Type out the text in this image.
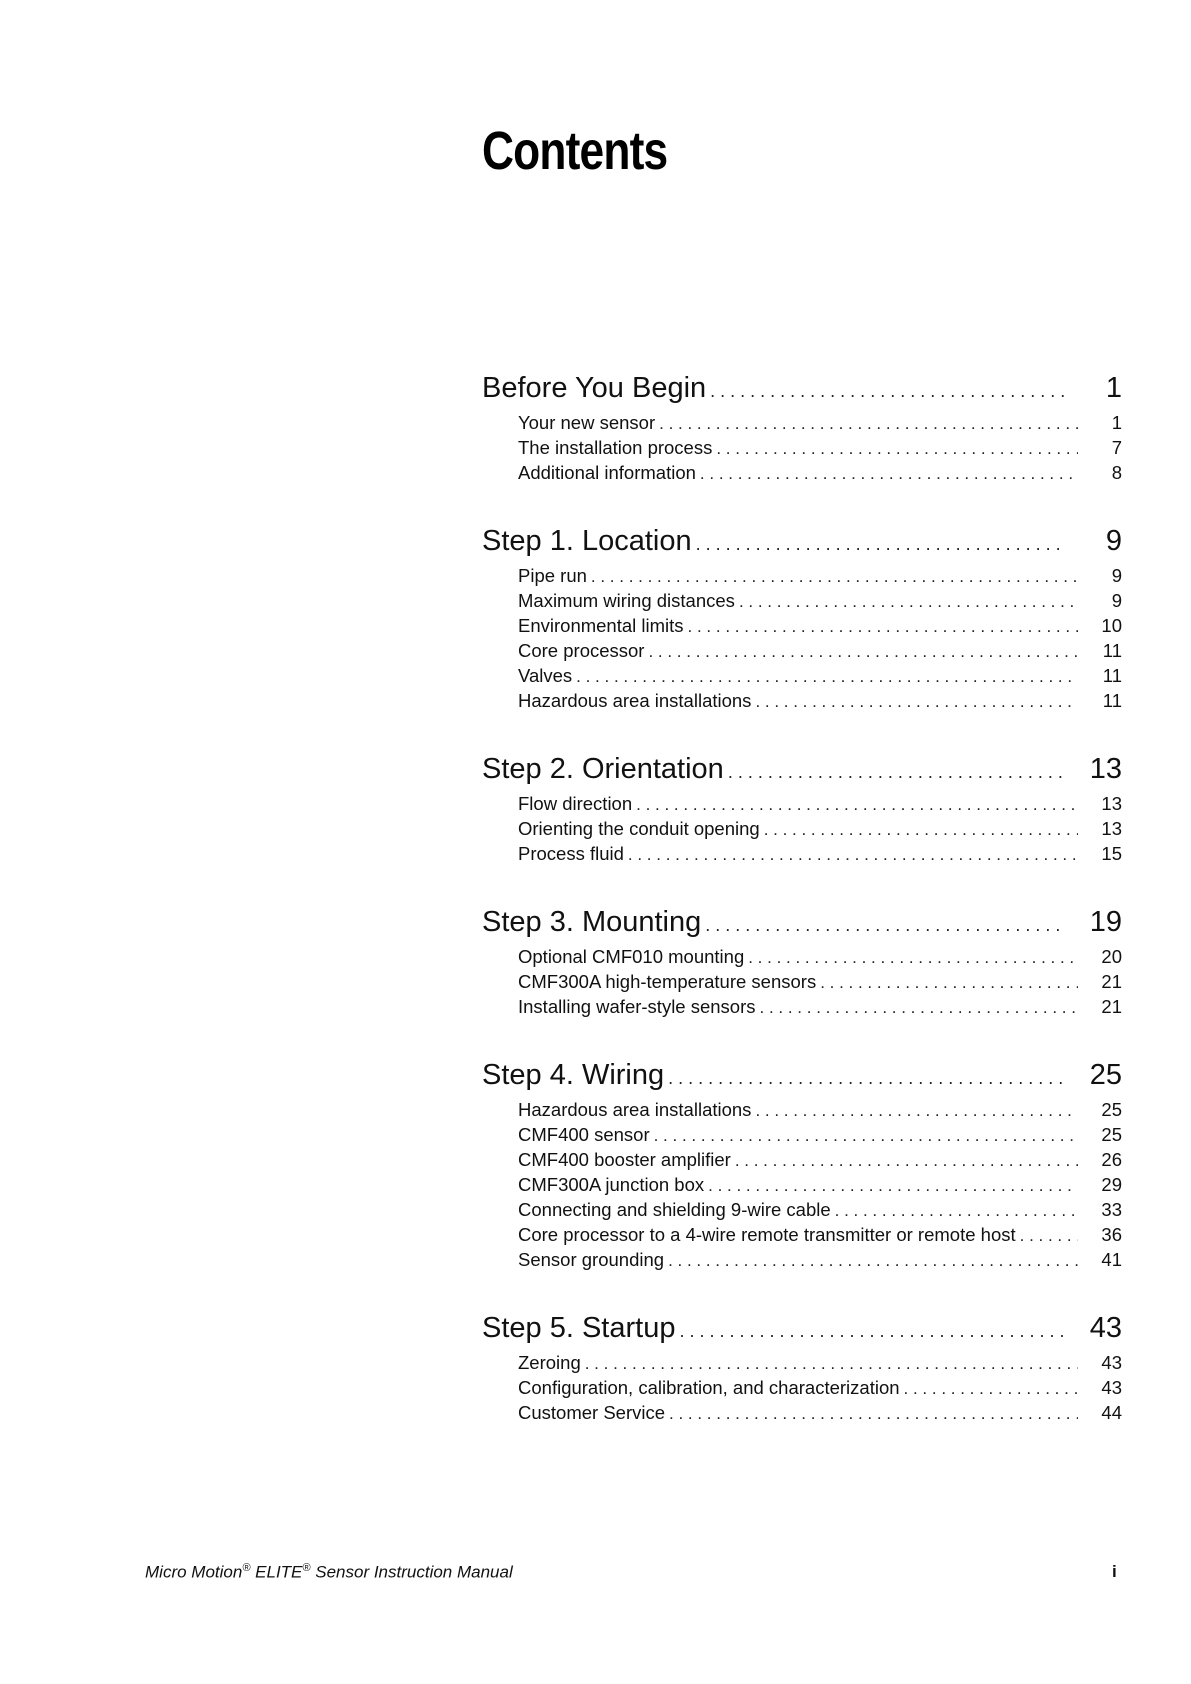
Contents
Before You Begin . . .	1
Your new sensor . . .	1
The installation process . . .	7
Additional information . . .	8
Step 1. Location . . .	9
Pipe run . . .	9
Maximum wiring distances . . .	9
Environmental limits . . .	10
Core processor . . .	11
Valves . . .	11
Hazardous area installations . . .	11
Step 2. Orientation . . .	13
Flow direction . . .	13
Orienting the conduit opening . . .	13
Process fluid . . .	15
Step 3. Mounting . . .	19
Optional CMF010 mounting . . .	20
CMF300A high-temperature sensors . . .	21
Installing wafer-style sensors . . .	21
Step 4. Wiring . . .	25
Hazardous area installations . . .	25
CMF400 sensor . . .	25
CMF400 booster amplifier . . .	26
CMF300A junction box . . .	29
Connecting and shielding 9-wire cable . . .	33
Core processor to a 4-wire remote transmitter or remote host . . .	36
Sensor grounding . . .	41
Step 5. Startup . . .	43
Zeroing . . .	43
Configuration, calibration, and characterization . . .	43
Customer Service . . .	44
Micro Motion® ELITE® Sensor Instruction Manual	i
